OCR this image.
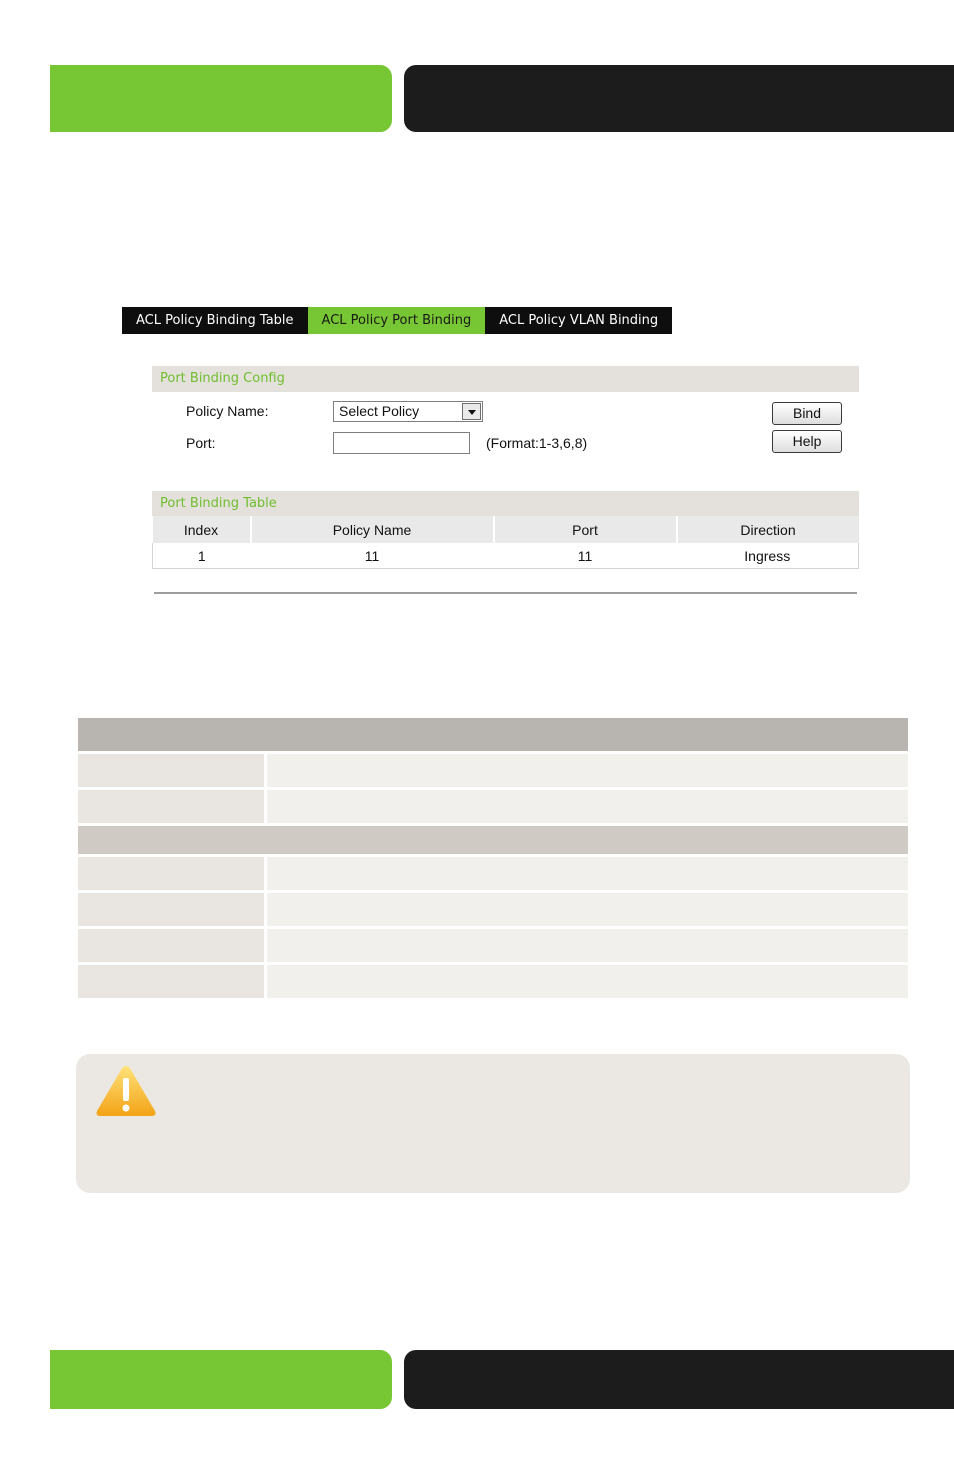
ACL Policy Binding Table	ACL Policy Port Binding	ACL Policy VLAN Binding
Port Binding Config
Policy Name:	Select Policy
Port:	(Format:1-3,6,8)
Bind
Help
Port Binding Table
Index	Policy Name	Port	Direction
1	11	11	Ingress
